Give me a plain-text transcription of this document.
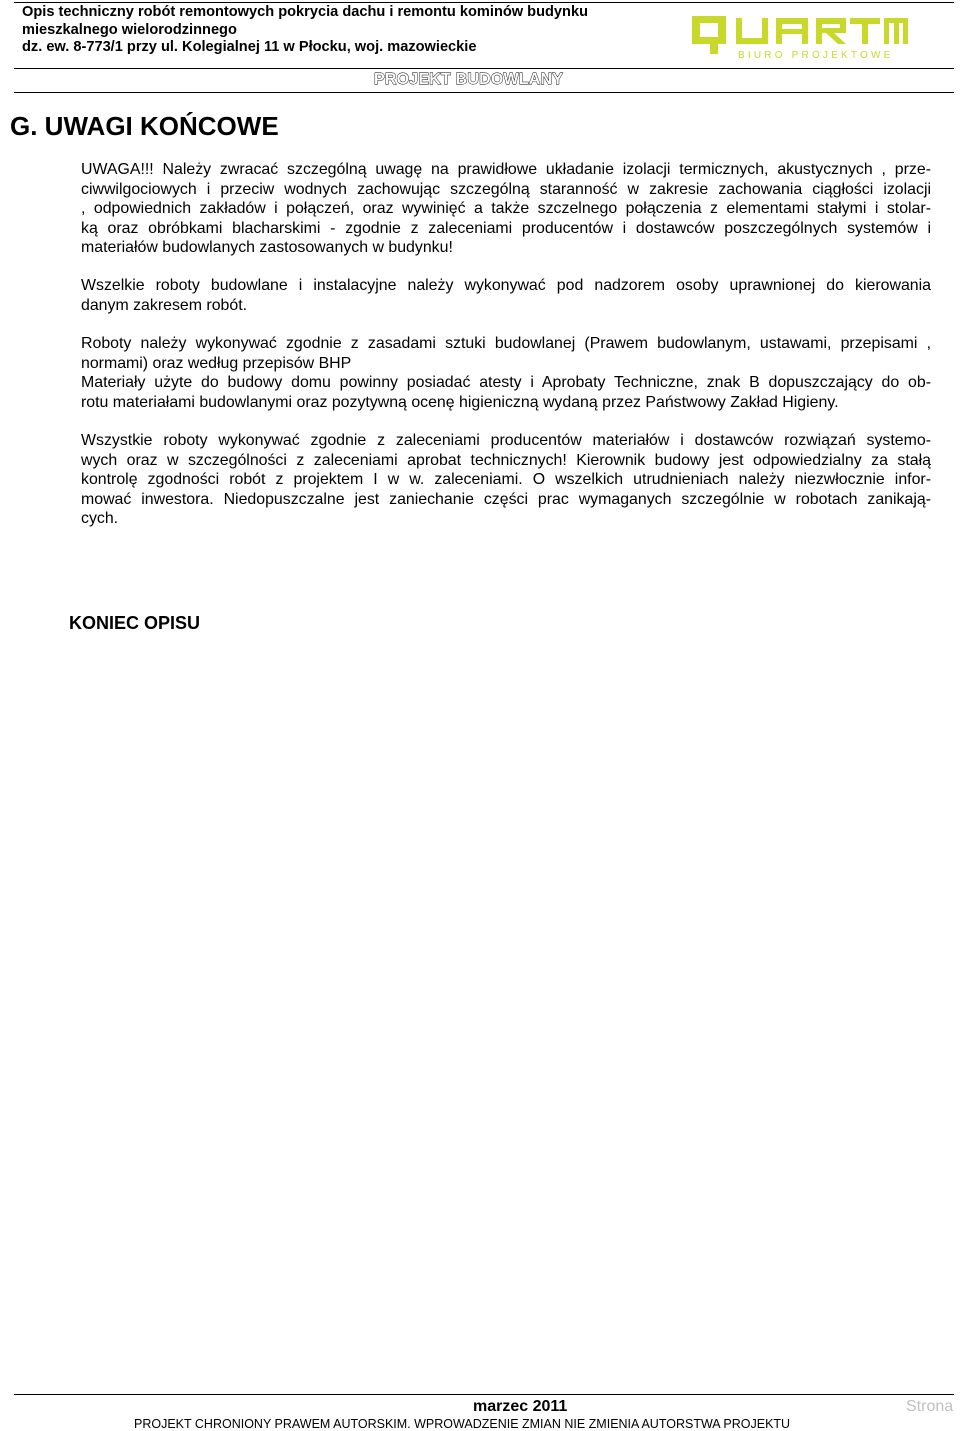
Opis techniczny robót remontowych pokrycia dachu i remontu kominów budynku
mieszkalnego wielorodzinnego
dz. ew. 8-773/1 przy ul. Kolegialnej 11 w Płocku, woj. mazowieckie
BIURO PROJEKTOWE
PROJEKT BUDOWLANY
G. UWAGI KOŃCOWE
UWAGA!!! Należy zwracać szczególną uwagę na prawidłowe układanie izolacji termicznych, akustycznych , prze-
ciwwilgociowych i przeciw wodnych zachowując szczególną staranność w zakresie zachowania ciągłości izolacji
, odpowiednich zakładów i połączeń, oraz wywinięć a także szczelnego połączenia z elementami stałymi i stolar-
ką oraz obróbkami blacharskimi - zgodnie z zaleceniami producentów i dostawców poszczególnych systemów i
materiałów budowlanych zastosowanych w budynku!
Wszelkie roboty budowlane i instalacyjne należy wykonywać pod nadzorem osoby uprawnionej do kierowania
danym zakresem robót.
Roboty należy wykonywać zgodnie z zasadami sztuki budowlanej (Prawem budowlanym, ustawami, przepisami ,
normami) oraz według przepisów BHP
Materiały użyte do budowy domu powinny posiadać atesty i Aprobaty Techniczne, znak B dopuszczający do ob-
rotu materiałami budowlanymi oraz pozytywną ocenę higieniczną wydaną przez Państwowy Zakład Higieny.
Wszystkie roboty wykonywać zgodnie z zaleceniami producentów materiałów i dostawców rozwiązań systemo-
wych oraz w szczególności z zaleceniami aprobat technicznych! Kierownik budowy jest odpowiedzialny za stałą
kontrolę zgodności robót z projektem I w w. zaleceniami. O wszelkich utrudnieniach należy niezwłocznie infor-
mować inwestora. Niedopuszczalne jest zaniechanie części prac wymaganych szczególnie w robotach zanikają-
cych.
KONIEC OPISU
marzec 2011	Strona
PROJEKT CHRONIONY PRAWEM AUTORSKIM. WPROWADZENIE ZMIAN NIE ZMIENIA AUTORSTWA PROJEKTU
